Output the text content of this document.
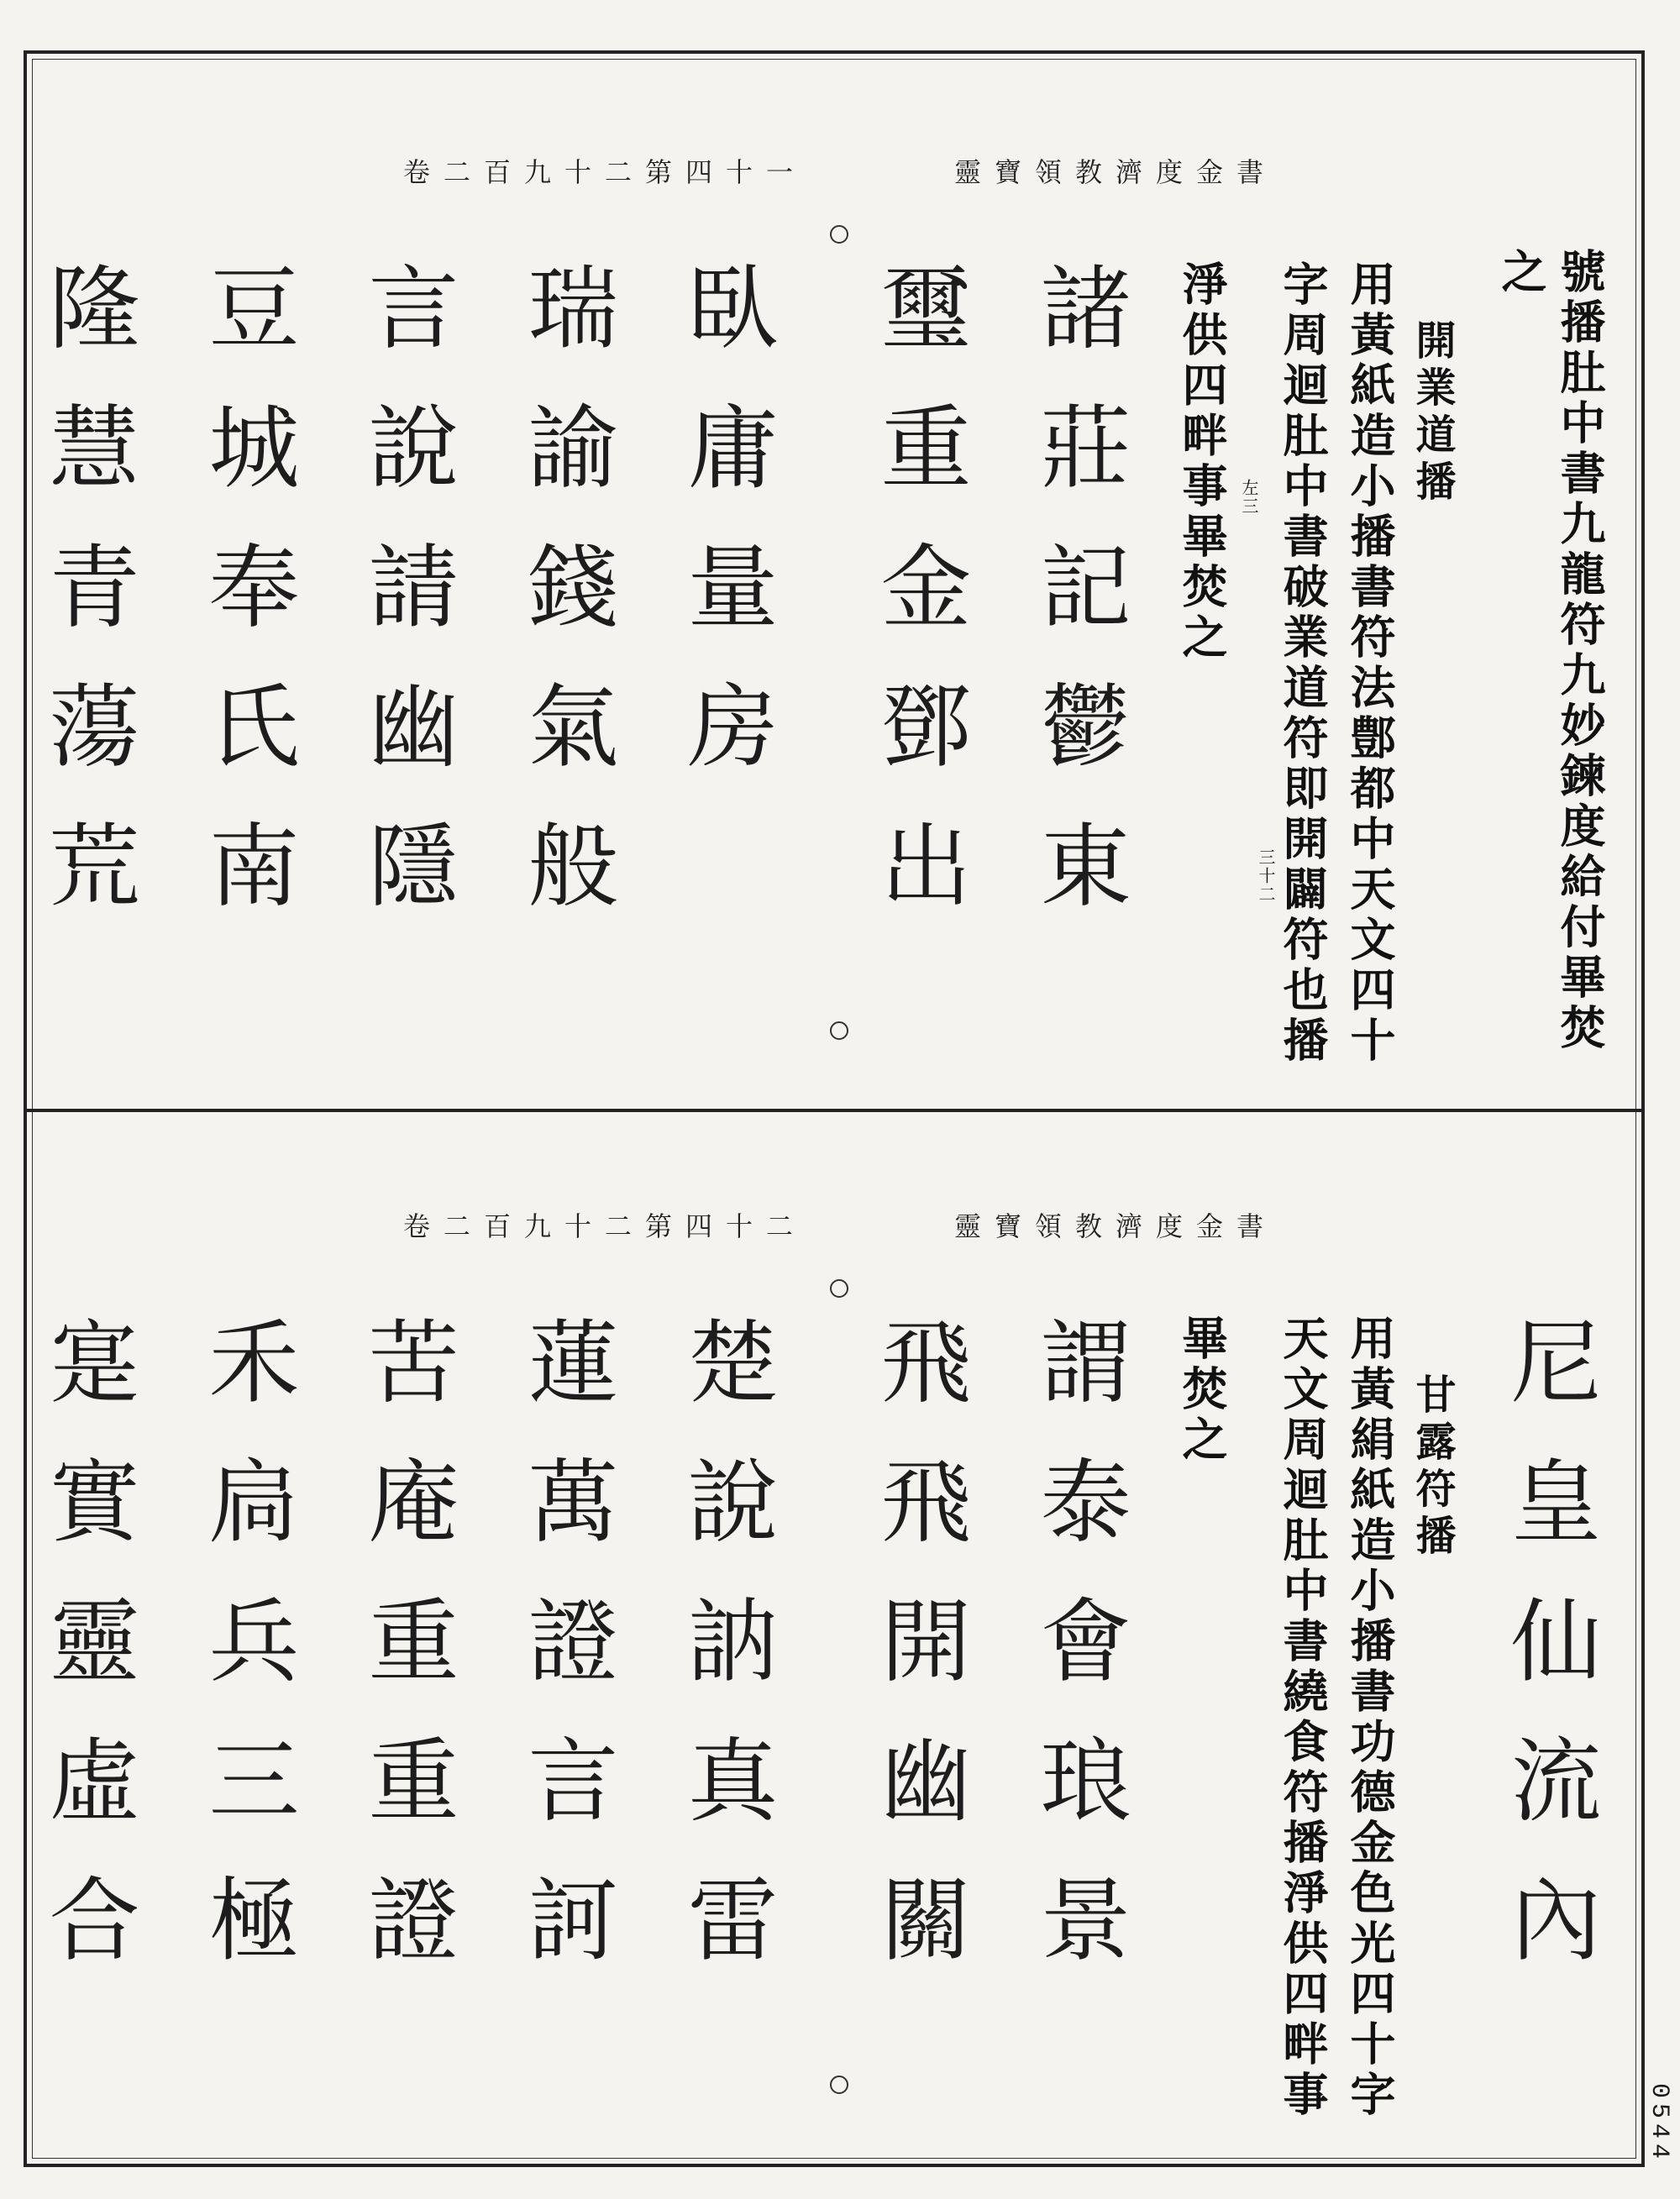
靈寶領教濟度金書
卷二百九十二第四十一
號播肚中書九龍符九妙鍊度給付畢焚
之
開業道播
用黃紙造小播書符法鄷都中天文四十
字周迴肚中書破業道符即開闢符也播
淨供四畔事畢焚之 左三
三十二
諸莊記鬱東
璽重金鄧出
臥庸量房
瑞諭錢氣般
言說請幽隱
豆城奉氏南
隆慧青蕩荒
靈寶領教濟度金書
卷二百九十二第四十二
尼皇仙流內
甘露符播
用黃絹紙造小播書功德金色光四十字
天文周迴肚中書繞食符播淨供四畔事
畢焚之
謂泰會琅景
飛飛開幽關
楚說訥真雷
蓮萬證言訶
苦庵重重證
禾扃兵三極
寔實靈虛合
0544
